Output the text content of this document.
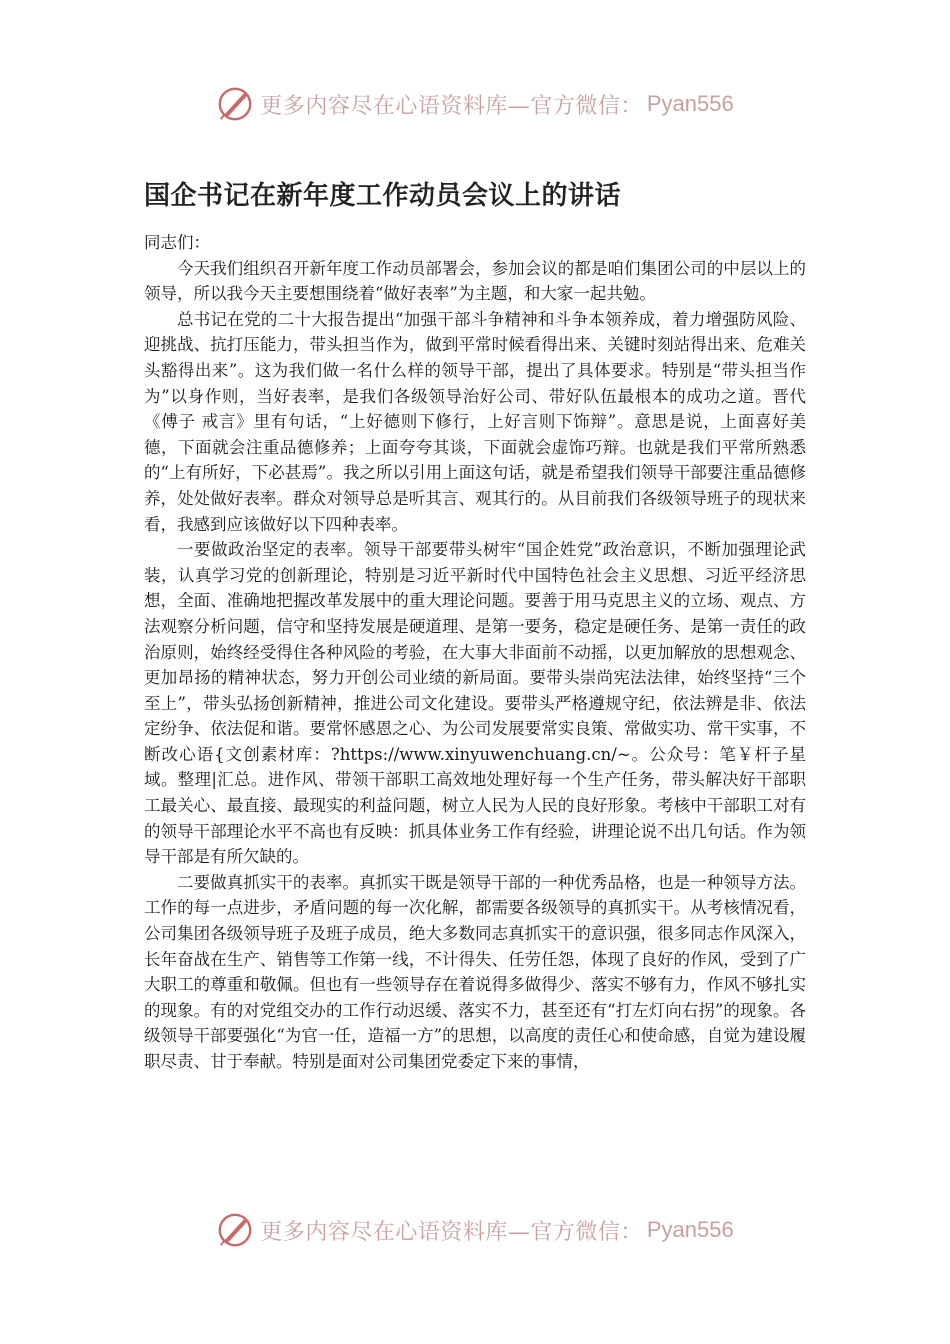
更多内容尽在心语资料库—官方微信： Pyan556
国企书记在新年度工作动员会议上的讲话

同志们：

今天我们组织召开新年度工作动员部署会，参加会议的都是咱们集团公司的中层以上的领导，所以我今天主要想围绕着“做好表率”为主题，和大家一起共勉。

总书记在党的二十大报告提出“加强干部斗争精神和斗争本领养成，着力增强防风险、迎挑战、抗打压能力，带头担当作为，做到平常时候看得出来、关键时刻站得出来、危难关头豁得出来”。这为我们做一名什么样的领导干部，提出了具体要求。特别是“带头担当作为”以身作则，当好表率，是我们各级领导治好公司、带好队伍最根本的成功之道。晋代《傅子 戒言》里有句话，“上好德则下修行，上好言则下饰辩”。意思是说，上面喜好美德，下面就会注重品德修养；上面夸夸其谈，下面就会虚饰巧辩。也就是我们平常所熟悉的“上有所好，下必甚焉”。我之所以引用上面这句话，就是希望我们领导干部要注重品德修养，处处做好表率。群众对领导总是听其言、观其行的。从目前我们各级领导班子的现状来看，我感到应该做好以下四种表率。

一要做政治坚定的表率。领导干部要带头树牢“国企姓党”政治意识，不断加强理论武装，认真学习党的创新理论，特别是习近平新时代中国特色社会主义思想、习近平经济思想，全面、准确地把握改革发展中的重大理论问题。要善于用马克思主义的立场、观点、方法观察分析问题，信守和坚持发展是硬道理、是第一要务，稳定是硬任务、是第一责任的政治原则，始终经受得住各种风险的考验，在大事大非面前不动摇，以更加解放的思想观念、更加昂扬的精神状态，努力开创公司业绩的新局面。要带头崇尚宪法法律，始终坚持“三个至上”，带头弘扬创新精神，推进公司文化建设。要带头严格遵规守纪，依法辨是非、依法定纷争、依法促和谐。要常怀感恩之心、为公司发展要常实良策、常做实功、常干实事，不断改心语{文创素材库：?https://www.xinyuwenchuang.cn/~。公众号：笔￥杆子星域。整理|汇总。进作风、带领干部职工高效地处理好每一个生产任务，带头解决好干部职工最关心、最直接、最现实的利益问题，树立人民为人民的良好形象。考核中干部职工对有的领导干部理论水平不高也有反映：抓具体业务工作有经验，讲理论说不出几句话。作为领导干部是有所欠缺的。

二要做真抓实干的表率。真抓实干既是领导干部的一种优秀品格，也是一种领导方法。工作的每一点进步，矛盾问题的每一次化解，都需要各级领导的真抓实干。从考核情况看，公司集团各级领导班子及班子成员，绝大多数同志真抓实干的意识强，很多同志作风深入，长年奋战在生产、销售等工作第一线，不计得失、任劳任怨，体现了良好的作风，受到了广大职工的尊重和敬佩。但也有一些领导存在着说得多做得少、落实不够有力，作风不够扎实的现象。有的对党组交办的工作行动迟缓、落实不力，甚至还有“打左灯向右拐”的现象。各级领导干部要强化“为官一任，造福一方”的思想，以高度的责任心和使命感，自觉为建设履职尽责、甘于奉献。特别是面对公司集团党委定下来的事情，

更多内容尽在心语资料库—官方微信： Pyan556
